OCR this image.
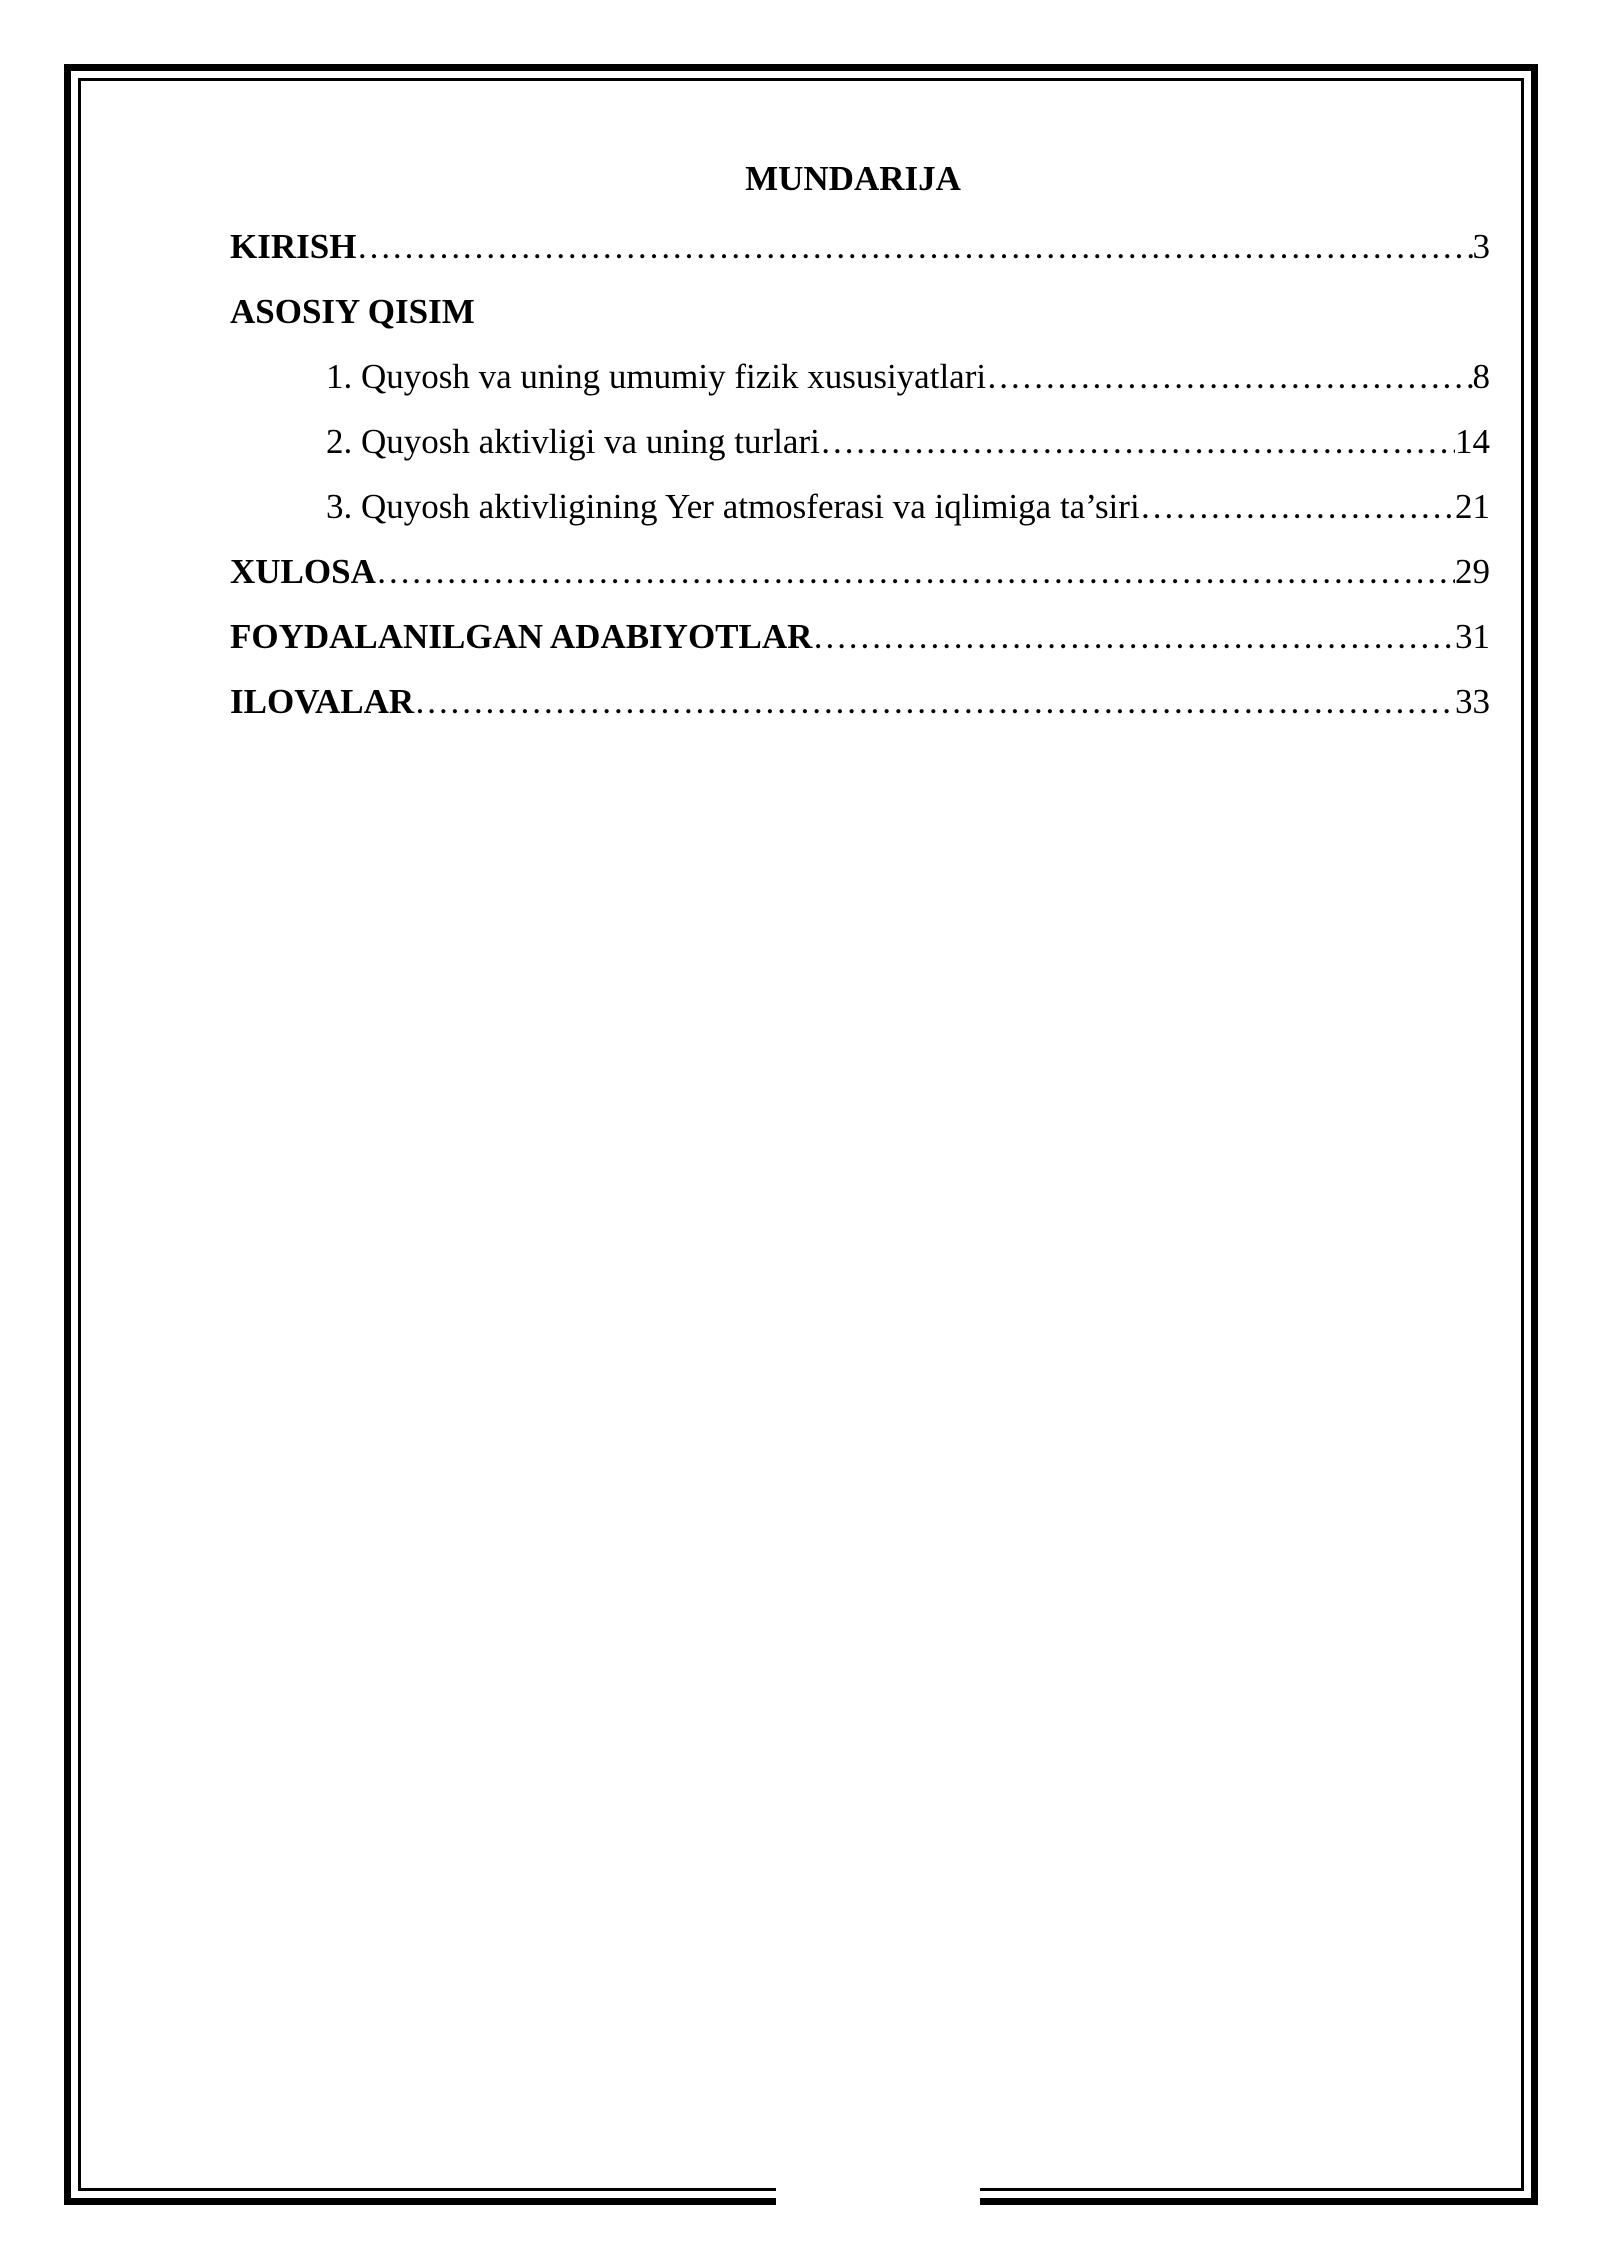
MUNDARIJA
KIRISH ……………………………………………………………………………………………………………………………………………………………………………………………………	3
ASOSIY QISIM
1. Quyosh va uning umumiy fizik xususiyatlari ……………………………………………………………………………………………………………………………………………………………………………………………………	8
2. Quyosh aktivligi va uning turlari ……………………………………………………………………………………………………………………………………………………………………………………………………	14
3. Quyosh aktivligining Yer atmosferasi va iqlimiga ta’siri ……………………………………………………………………………………………………………………………………………………………………………………………………	21
XULOSA ……………………………………………………………………………………………………………………………………………………………………………………………………	29
FOYDALANILGAN ADABIYOTLAR ……………………………………………………………………………………………………………………………………………………………………………………………………	31
ILOVALAR ……………………………………………………………………………………………………………………………………………………………………………………………………	33
